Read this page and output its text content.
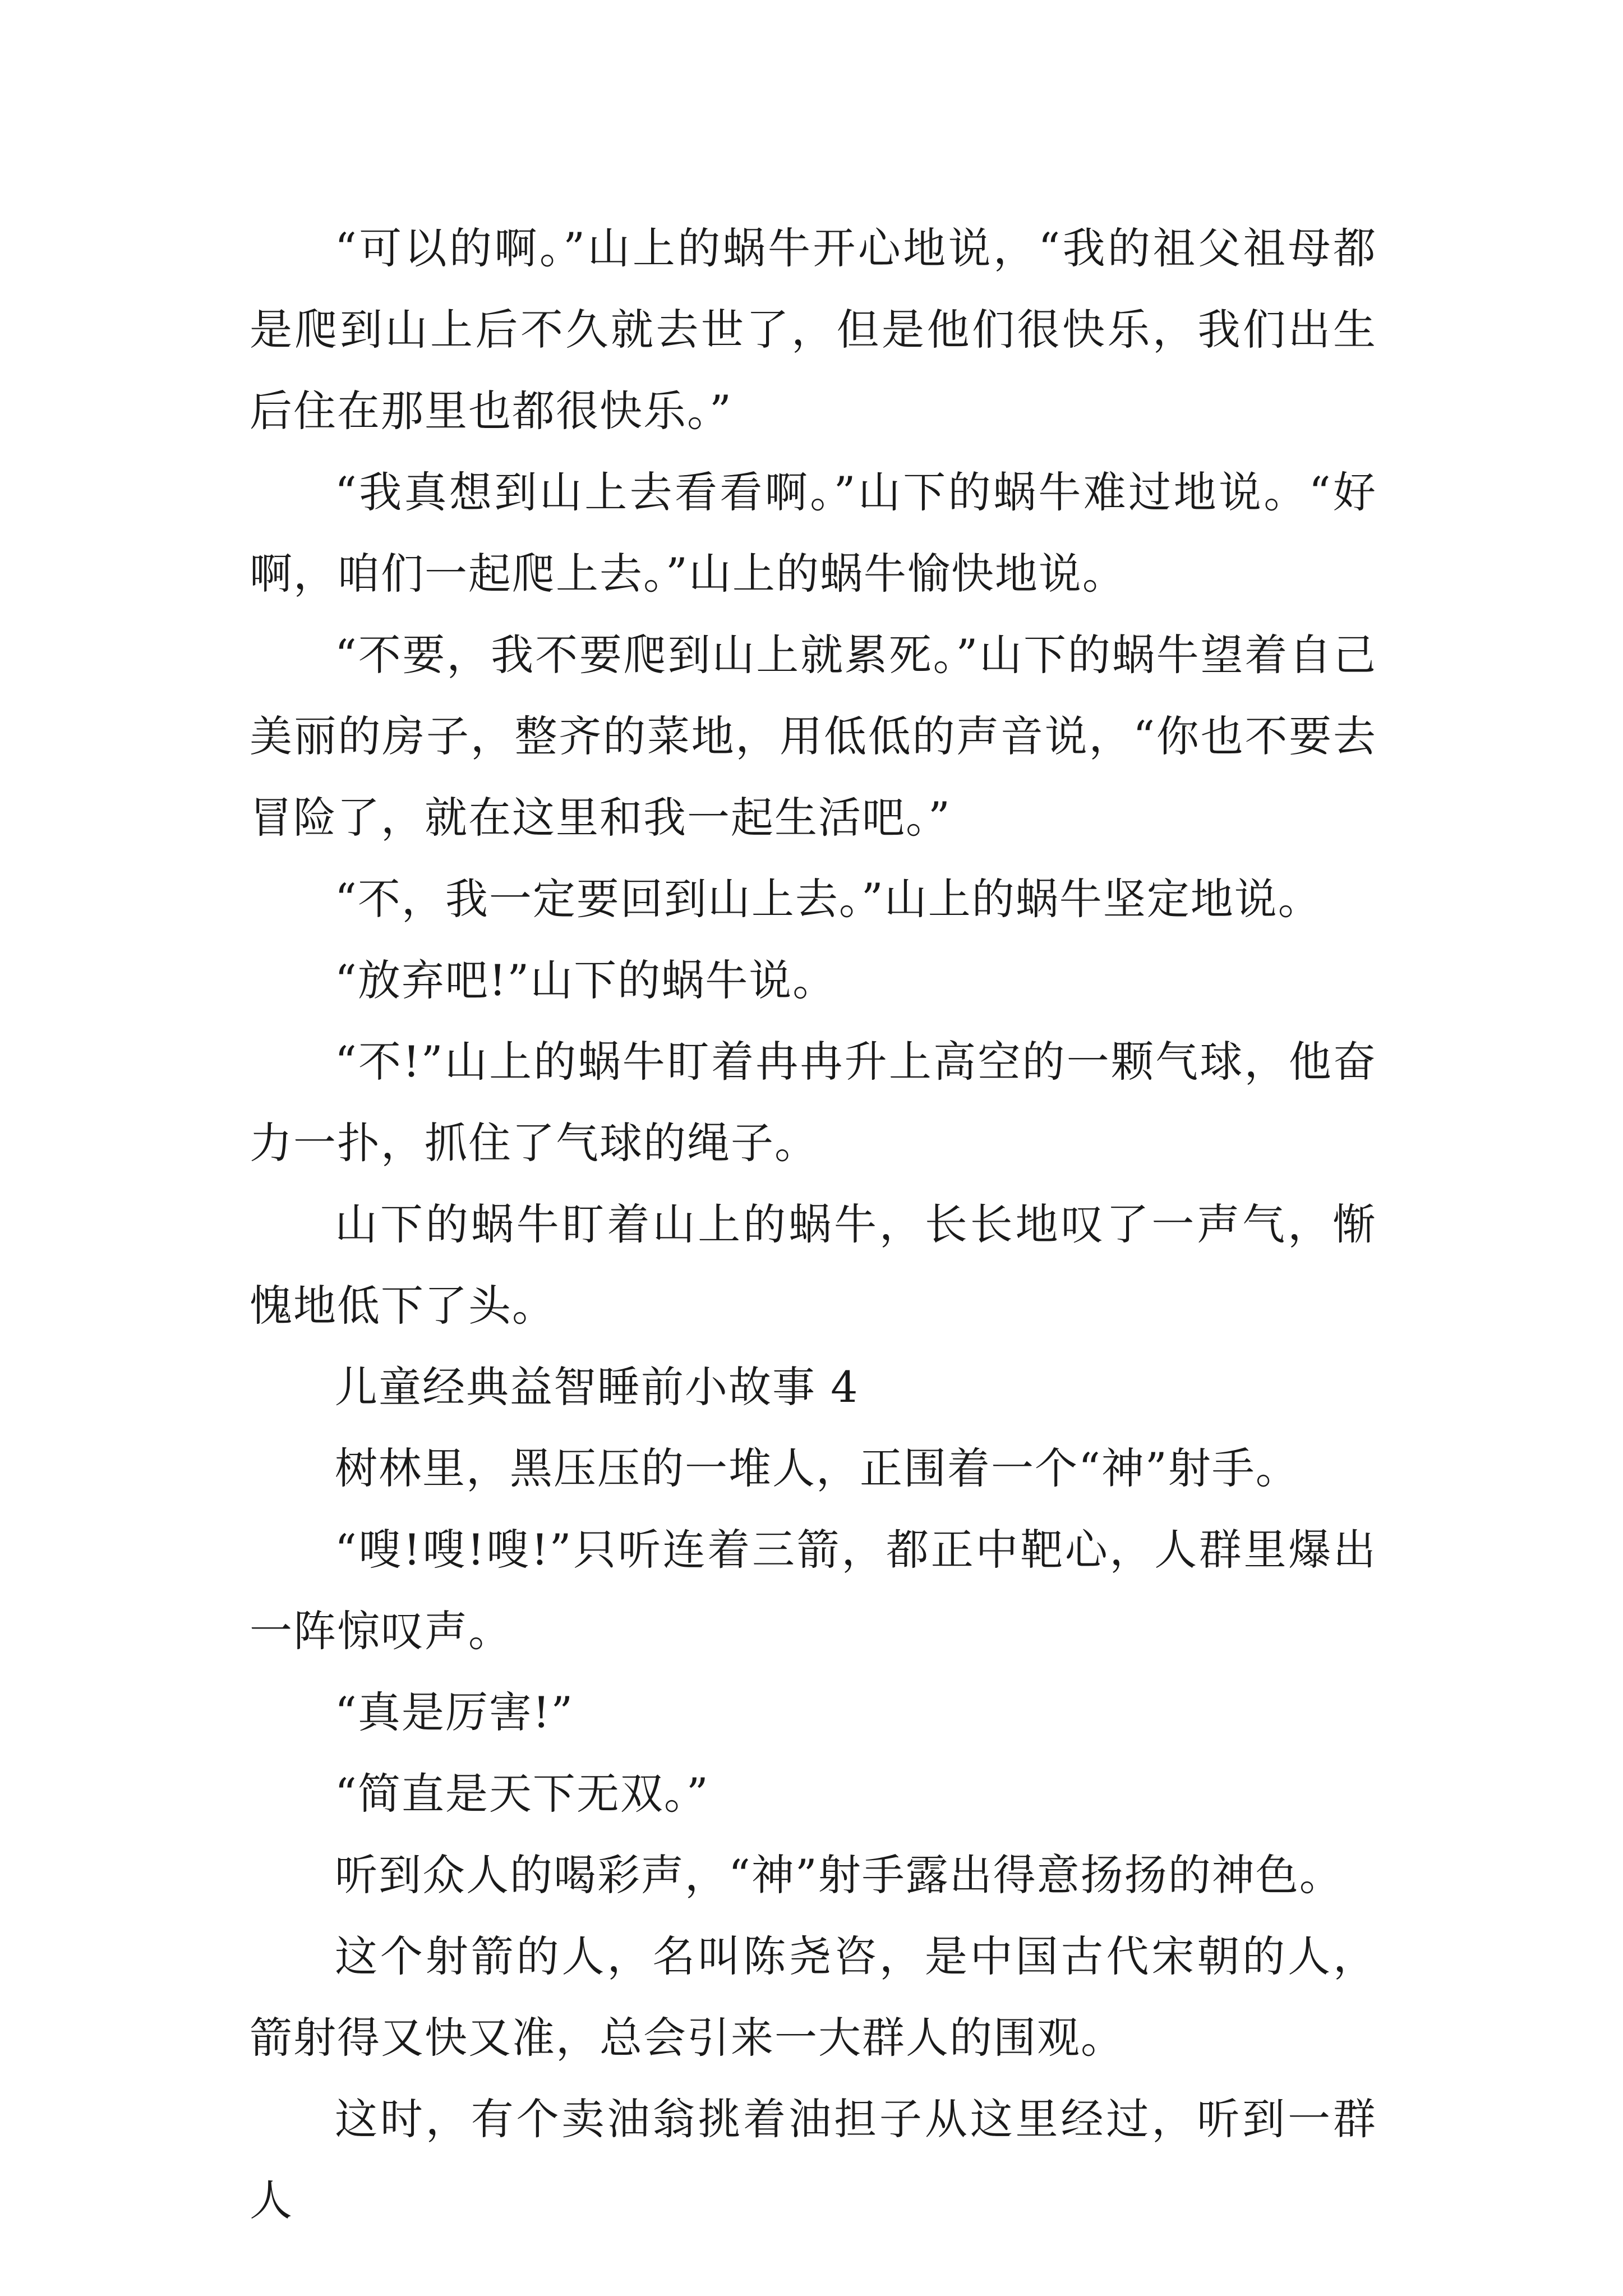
“可以的啊。”山上的蜗牛开心地说，“我的祖父祖母都是爬到山上后不久就去世了，但是他们很快乐，我们出生后住在那里也都很快乐。”

“我真想到山上去看看啊。”山下的蜗牛难过地说。“好啊，咱们一起爬上去。”山上的蜗牛愉快地说。

“不要，我不要爬到山上就累死。”山下的蜗牛望着自己美丽的房子，整齐的菜地，用低低的声音说，“你也不要去冒险了，就在这里和我一起生活吧。”

“不，我一定要回到山上去。”山上的蜗牛坚定地说。

“放弃吧!”山下的蜗牛说。

“不!”山上的蜗牛盯着冉冉升上高空的一颗气球，他奋力一扑，抓住了气球的绳子。

山下的蜗牛盯着山上的蜗牛，长长地叹了一声气，惭愧地低下了头。

儿童经典益智睡前小故事 4

树林里，黑压压的一堆人，正围着一个“神”射手。

“嗖!嗖!嗖!”只听连着三箭，都正中靶心，人群里爆出一阵惊叹声。

“真是厉害!”

“简直是天下无双。”

听到众人的喝彩声，“神”射手露出得意扬扬的神色。

这个射箭的人，名叫陈尧咨，是中国古代宋朝的人，箭射得又快又准，总会引来一大群人的围观。

这时，有个卖油翁挑着油担子从这里经过，听到一群人
